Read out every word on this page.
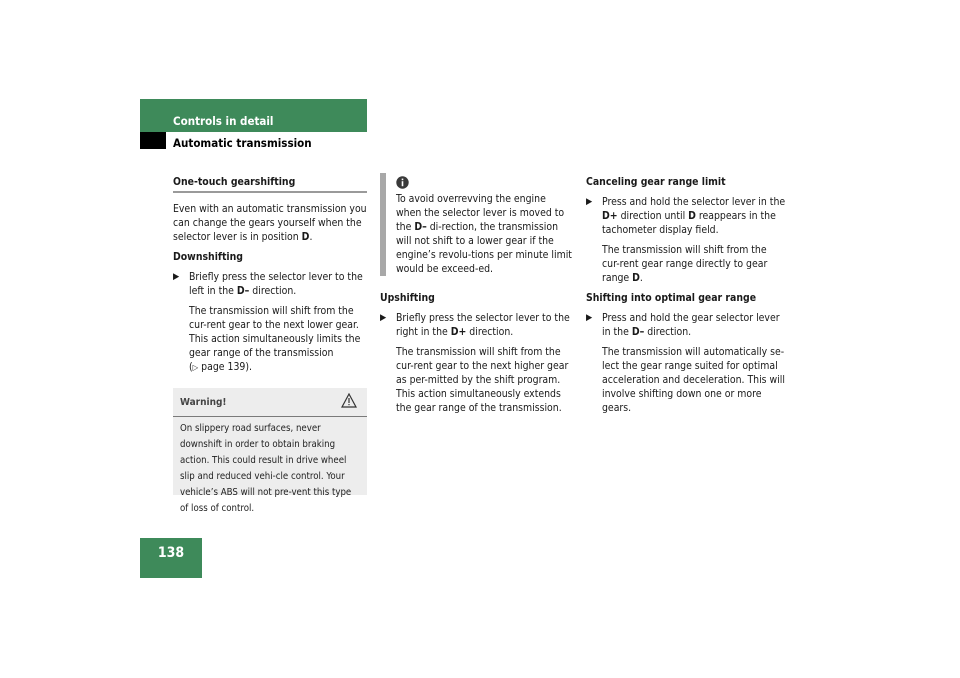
Controls in detail
Automatic transmission
One-touch gearshifting

Even with an automatic transmission you can change the gears yourself when the selector lever is in position D.

Downshifting
▶ Briefly press the selector lever to the left in the D– direction.

The transmission will shift from the cur-rent gear to the next lower gear. This action simultaneously limits the gear range of the transmission
(▷ page 139).

Warning!
On slippery road surfaces, never downshift in order to obtain braking action. This could result in drive wheel slip and reduced vehi-cle control. Your vehicle’s ABS will not pre-vent this type of loss of control.

To avoid overrevving the engine when the selector lever is moved to the D– di-rection, the transmission will not shift to a lower gear if the engine’s revolu-tions per minute limit would be exceed-ed.

Upshifting
▶ Briefly press the selector lever to the right in the D+ direction.

The transmission will shift from the cur-rent gear to the next higher gear as per-mitted by the shift program. This action simultaneously extends the gear range of the transmission.

Canceling gear range limit
▶ Press and hold the selector lever in the D+ direction until D reappears in the tachometer display field.

The transmission will shift from the cur-rent gear range directly to gear range D.

Shifting into optimal gear range
▶ Press and hold the gear selector lever in the D– direction.

The transmission will automatically se-lect the gear range suited for optimal acceleration and deceleration. This will involve shifting down one or more gears.

138
